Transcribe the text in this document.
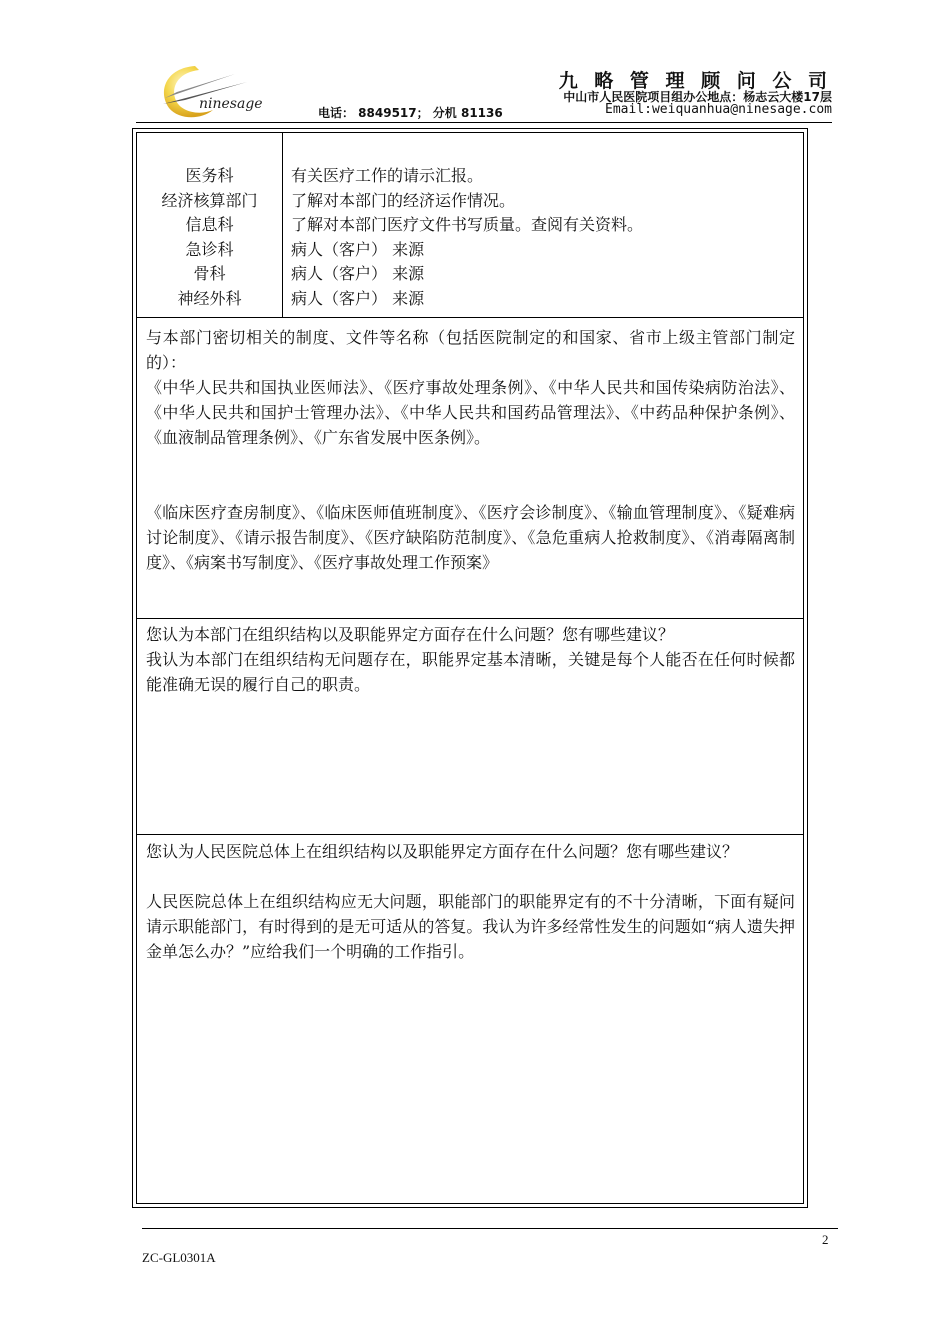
ninesage
九 略 管 理 顾 问 公 司
中山市人民医院项目组办公地点：杨志云大楼17层
电话： 8849517； 分机 81136	Email:weiquanhua@ninesage.com
医务科
经济核算部门
信息科
急诊科
骨科
神经外科
有关医疗工作的请示汇报。
了解对本部门的经济运作情况。
了解对本部门医疗文件书写质量。查阅有关资料。
病人（客户） 来源
病人（客户） 来源
病人（客户） 来源

与本部门密切相关的制度、文件等名称（包括医院制定的和国家、省市上级主管部门制定的）：

《中华人民共和国执业医师法》、《医疗事故处理条例》、《中华人民共和国传染病防治法》、《中华人民共和国护士管理办法》、《中华人民共和国药品管理法》、《中药品种保护条例》、《血液制品管理条例》、《广东省发展中医条例》。

《临床医疗查房制度》、《临床医师值班制度》、《医疗会诊制度》、《输血管理制度》、《疑难病讨论制度》、《请示报告制度》、《医疗缺陷防范制度》、《急危重病人抢救制度》、《消毒隔离制度》、《病案书写制度》、《医疗事故处理工作预案》

您认为本部门在组织结构以及职能界定方面存在什么问题？您有哪些建议？

我认为本部门在组织结构无问题存在，职能界定基本清晰，关键是每个人能否在任何时候都能准确无误的履行自己的职责。

您认为人民医院总体上在组织结构以及职能界定方面存在什么问题？您有哪些建议？

人民医院总体上在组织结构应无大问题，职能部门的职能界定有的不十分清晰，下面有疑问请示职能部门，有时得到的是无可适从的答复。我认为许多经常性发生的问题如“病人遗失押金单怎么办？”应给我们一个明确的工作指引。

2
ZC-GL0301A
